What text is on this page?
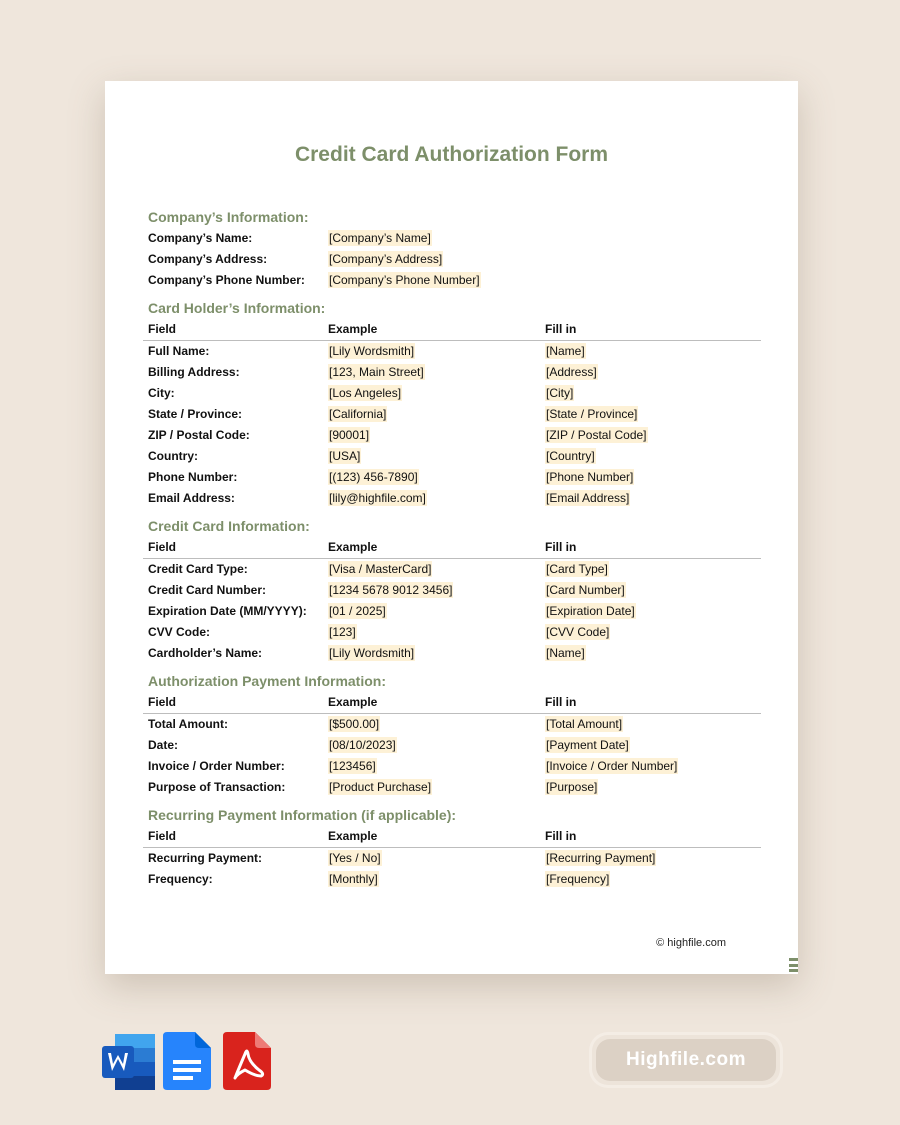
Credit Card Authorization Form
Company’s Information:
Company’s Name:	[Company’s Name]
Company’s Address:	[Company’s Address]
Company’s Phone Number:	[Company’s Phone Number]
Card Holder’s Information:
Field	Example	Fill in
Full Name:	[Lily Wordsmith]	[Name]
Billing Address:	[123, Main Street]	[Address]
City:	[Los Angeles]	[City]
State / Province:	[California]	[State / Province]
ZIP / Postal Code:	[90001]	[ZIP / Postal Code]
Country:	[USA]	[Country]
Phone Number:	[(123) 456-7890]	[Phone Number]
Email Address:	[lily@highfile.com]	[Email Address]
Credit Card Information:
Field	Example	Fill in
Credit Card Type:	[Visa / MasterCard]	[Card Type]
Credit Card Number:	[1234 5678 9012 3456]	[Card Number]
Expiration Date (MM/YYYY):	[01 / 2025]	[Expiration Date]
CVV Code:	[123]	[CVV Code]
Cardholder’s Name:	[Lily Wordsmith]	[Name]
Authorization Payment Information:
Field	Example	Fill in
Total Amount:	[$500.00]	[Total Amount]
Date:	[08/10/2023]	[Payment Date]
Invoice / Order Number:	[123456]	[Invoice / Order Number]
Purpose of Transaction:	[Product Purchase]	[Purpose]
Recurring Payment Information (if applicable):
Field	Example	Fill in
Recurring Payment:	[Yes / No]	[Recurring Payment]
Frequency:	[Monthly]	[Frequency]
© highfile.com
Highfile.com
